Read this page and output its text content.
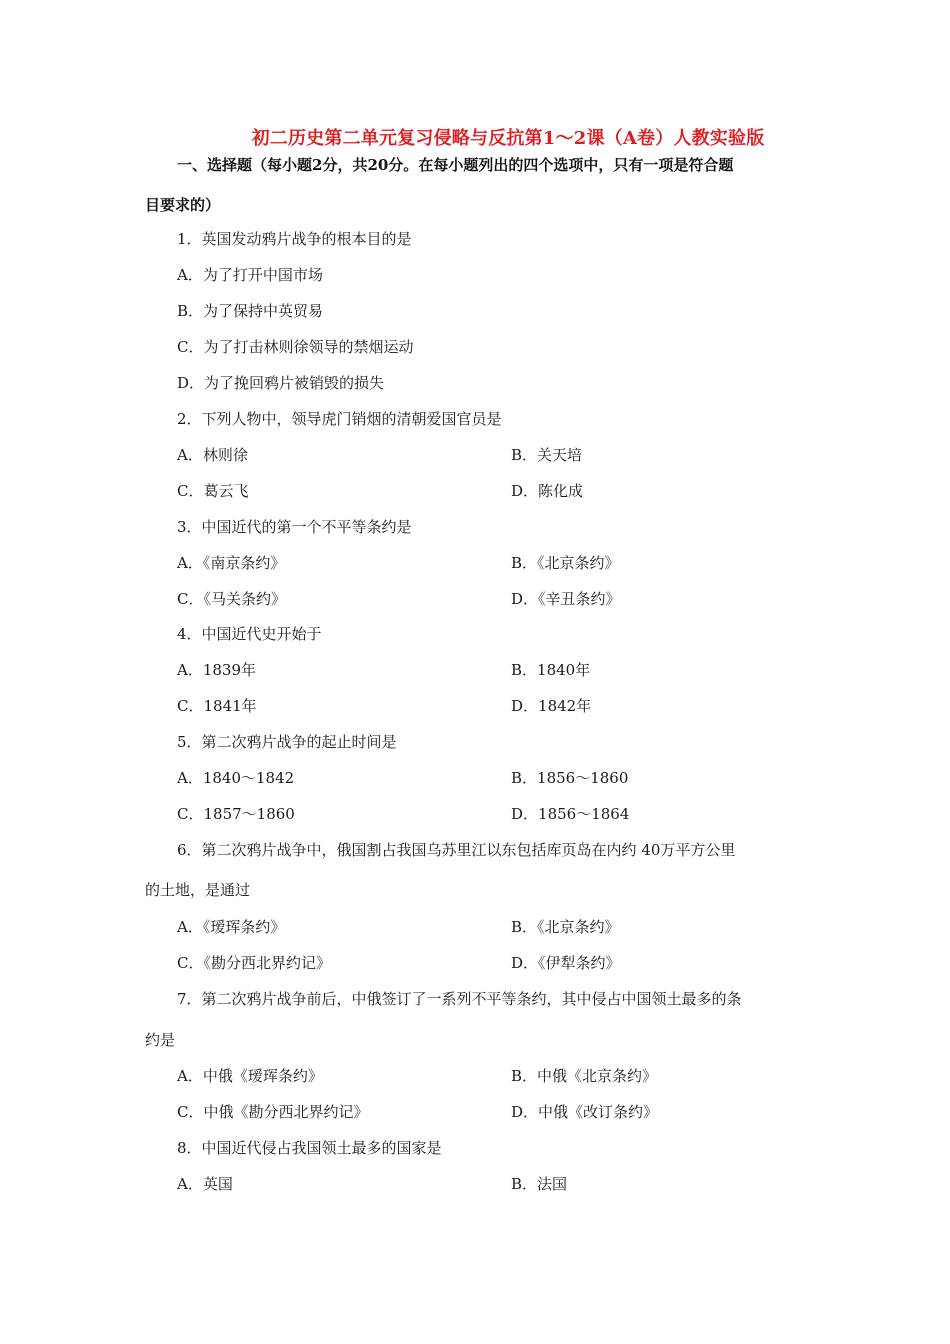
初二历史第二单元复习侵略与反抗第1～2课（A卷）人教实验版
一、选择题（每小题2分，共20分。在每小题列出的四个选项中，只有一项是符合题
目要求的）
1．英国发动鸦片战争的根本目的是
A．为了打开中国市场
B．为了保持中英贸易
C．为了打击林则徐领导的禁烟运动
D．为了挽回鸦片被销毁的损失
2．下列人物中，领导虎门销烟的清朝爱国官员是
A．林则徐	B．关天培
C．葛云飞	D．陈化成
3．中国近代的第一个不平等条约是
A．《南京条约》	B．《北京条约》
C．《马关条约》	D．《辛丑条约》
4．中国近代史开始于
A．1839年	B．1840年
C．1841年	D．1842年
5．第二次鸦片战争的起止时间是
A．1840～1842	B．1856～1860
C．1857～1860	D．1856～1864
6．第二次鸦片战争中，俄国割占我国乌苏里江以东包括库页岛在内约 40万平方公里
的土地，是通过
A．《瑷珲条约》	B．《北京条约》
C．《勘分西北界约记》	D．《伊犁条约》
7．第二次鸦片战争前后，中俄签订了一系列不平等条约，其中侵占中国领土最多的条
约是
A．中俄《瑷珲条约》	B．中俄《北京条约》
C．中俄《勘分西北界约记》	D．中俄《改订条约》
8．中国近代侵占我国领土最多的国家是
A．英国	B．法国
